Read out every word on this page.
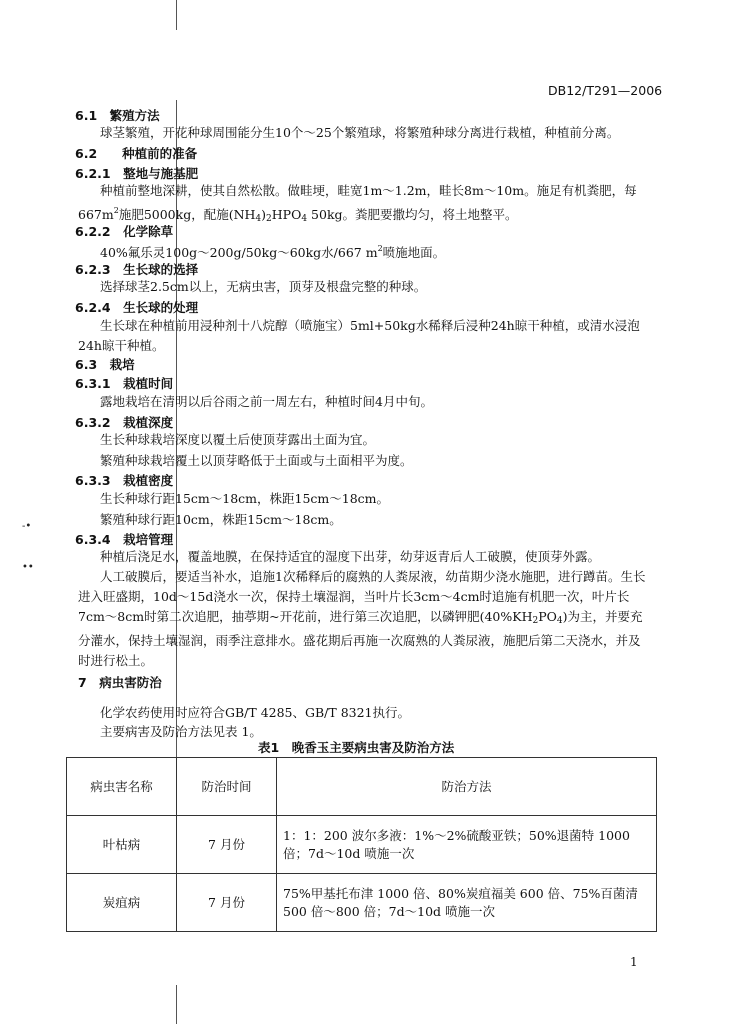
-•
••
DB12/T291—2006
6.1　 繁殖方法
球茎繁殖，开花种球周围能分生10个～25个繁殖球，将繁殖种球分离进行栽植，种植前分离。
6.2　　 种植前的准备
6.2.1　 整地与施基肥
种植前整地深耕，使其自然松散。做畦埂，畦宽1m～1.2m，畦长8m～10m。施足有机粪肥，每$667m^2$施肥5000kg，配施$(NH_4)_2HPO_4$ 50kg。粪肥要撒均匀，将土地整平。
6.2.2　 化学除草
40%氟乐灵100g～200g/50kg～60kg水/667 $m^2$喷施地面。
6.2.3　 生长球的选择
选择球茎2.5cm以上，无病虫害，顶芽及根盘完整的种球。
6.2.4　 生长球的处理
生长球在种植前用浸种剂十八烷醇（喷施宝）5ml+50kg水稀释后浸种24h晾干种植，或清水浸泡24h晾干种植。
6.3　 栽培
6.3.1　 栽植时间
露地栽培在清明以后谷雨之前一周左右，种植时间4月中旬。
6.3.2　 栽植深度
生长种球栽培深度以覆土后使顶芽露出土面为宜。
繁殖种球栽培覆土以顶芽略低于土面或与土面相平为度。
6.3.3　 栽植密度
生长种球行距15cm～18cm，株距15cm～18cm。
繁殖种球行距10cm，株距15cm～18cm。
6.3.4　 栽培管理
种植后浇足水，覆盖地膜，在保持适宜的湿度下出芽，幼芽返青后人工破膜，使顶芽外露。
人工破膜后，要适当补水，追施1次稀释后的腐熟的人粪尿液，幼苗期少浇水施肥，进行蹲苗。生长进入旺盛期，10d～15d浇水一次，保持土壤湿润，当叶片长3cm～4cm时追施有机肥一次，叶片长7cm～8cm时第二次追肥，抽葶期~开花前，进行第三次追肥，以磷钾肥$(40\%KH_2PO_4)$为主，并要充分灌水，保持土壤湿润，雨季注意排水。盛花期后再施一次腐熟的人粪尿液，施肥后第二天浇水，并及时进行松土。
7　 病虫害防治
化学农药使用时应符合GB/T 4285、GB/T 8321执行。
主要病害及防治方法见表 1。
表1　晚香玉主要病虫害及防治方法
病虫害名称	防治时间	防治方法
叶枯病	7 月份	1：1：200 波尔多液：1%～2%硫酸亚铁；50%退菌特 1000 倍；7d～10d 喷施一次
炭疽病	7 月份	75%甲基托布津 1000 倍、80%炭疽福美 600 倍、75%百菌清 500 倍～800 倍；7d～10d 喷施一次
1
